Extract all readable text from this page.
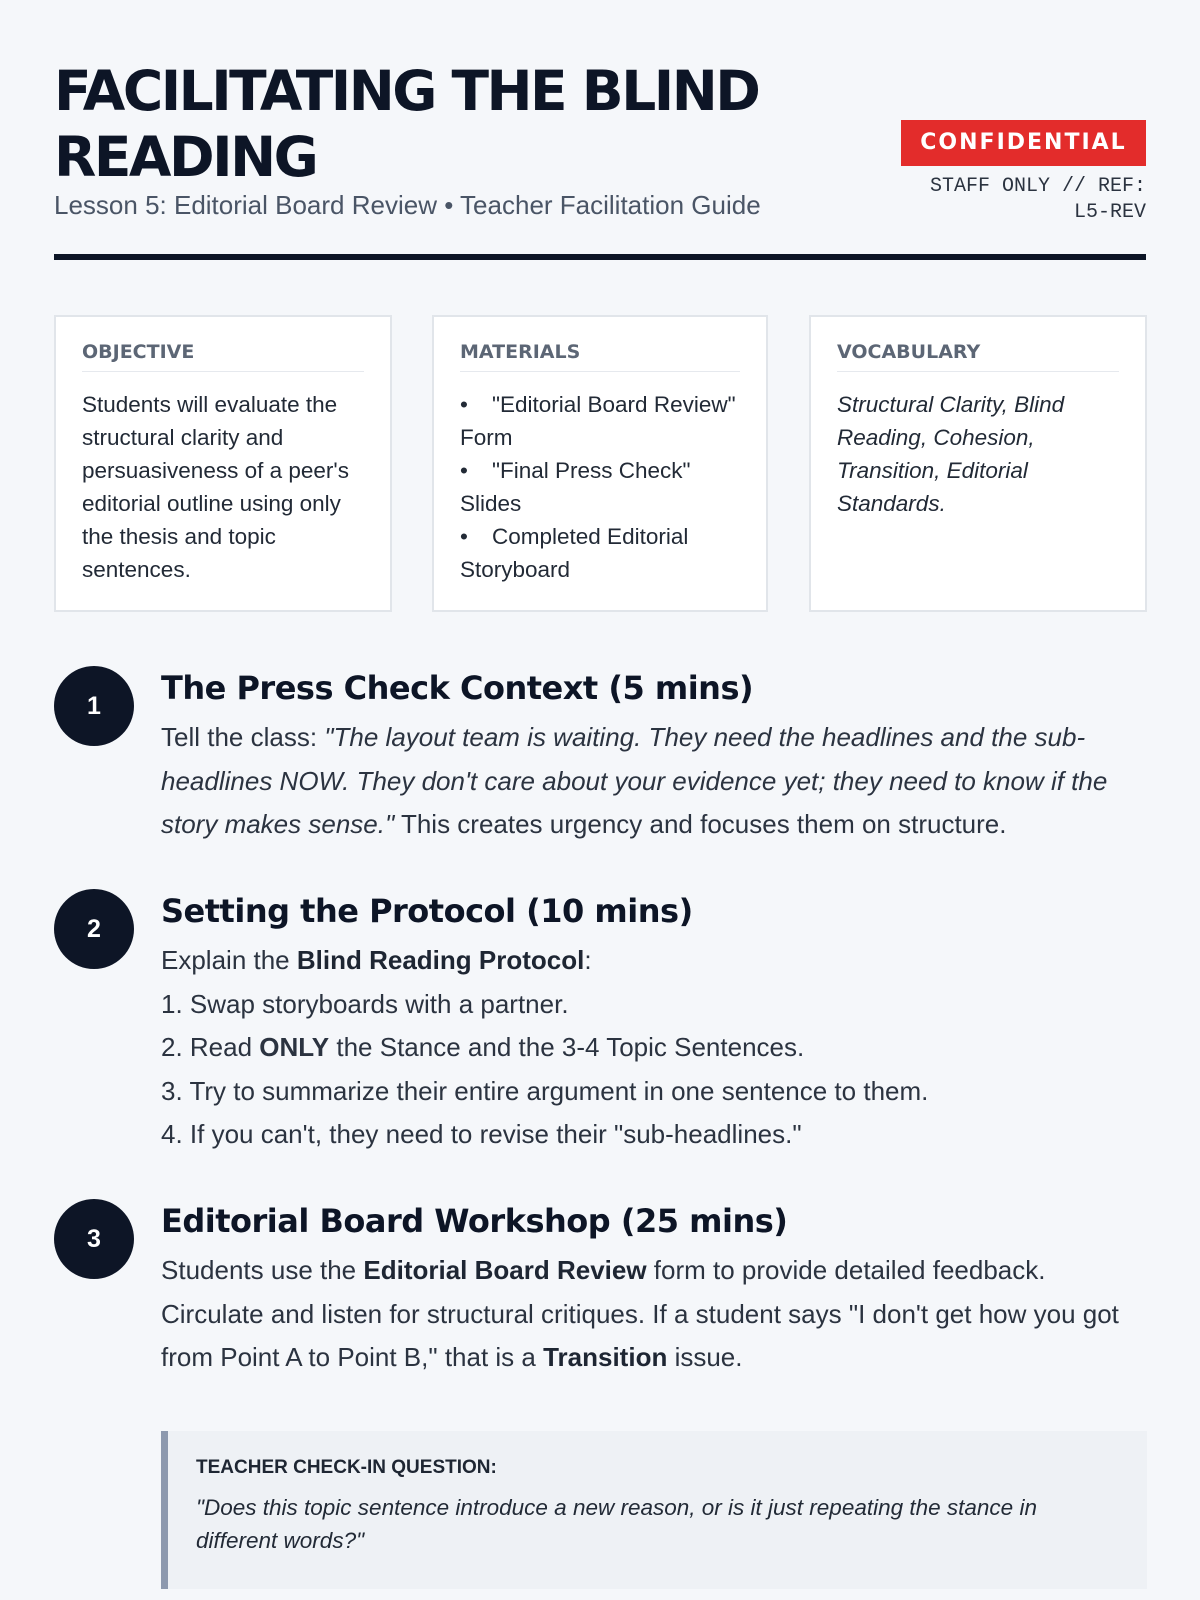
FACILITATING THE BLIND READING

Lesson 5: Editorial Board Review • Teacher Facilitation Guide

CONFIDENTIAL
STAFF ONLY // REF: L5-REV
OBJECTIVE

Students will evaluate the structural clarity and persuasiveness of a peer's editorial outline using only the thesis and topic sentences.

MATERIALS
• "Editorial Board Review" Form
• "Final Press Check" Slides
• Completed Editorial Storyboard
VOCABULARY

Structural Clarity, Blind Reading, Cohesion, Transition, Editorial Standards.

1	The Press Check Context (5 mins)

Tell the class: "The layout team is waiting. They need the headlines and the sub-headlines NOW. They don't care about your evidence yet; they need to know if the story makes sense." This creates urgency and focuses them on structure.

2	Setting the Protocol (10 mins)

Explain the Blind Reading Protocol:

1. Swap storyboards with a partner.
2. Read ONLY the Stance and the 3-4 Topic Sentences.
3. Try to summarize their entire argument in one sentence to them.
4. If you can't, they need to revise their "sub-headlines."
3	Editorial Board Workshop (25 mins)

Students use the Editorial Board Review form to provide detailed feedback. Circulate and listen for structural critiques. If a student says "I don't get how you got from Point A to Point B," that is a Transition issue.

TEACHER CHECK-IN QUESTION:
"Does this topic sentence introduce a new reason, or is it just repeating the stance in different words?"
